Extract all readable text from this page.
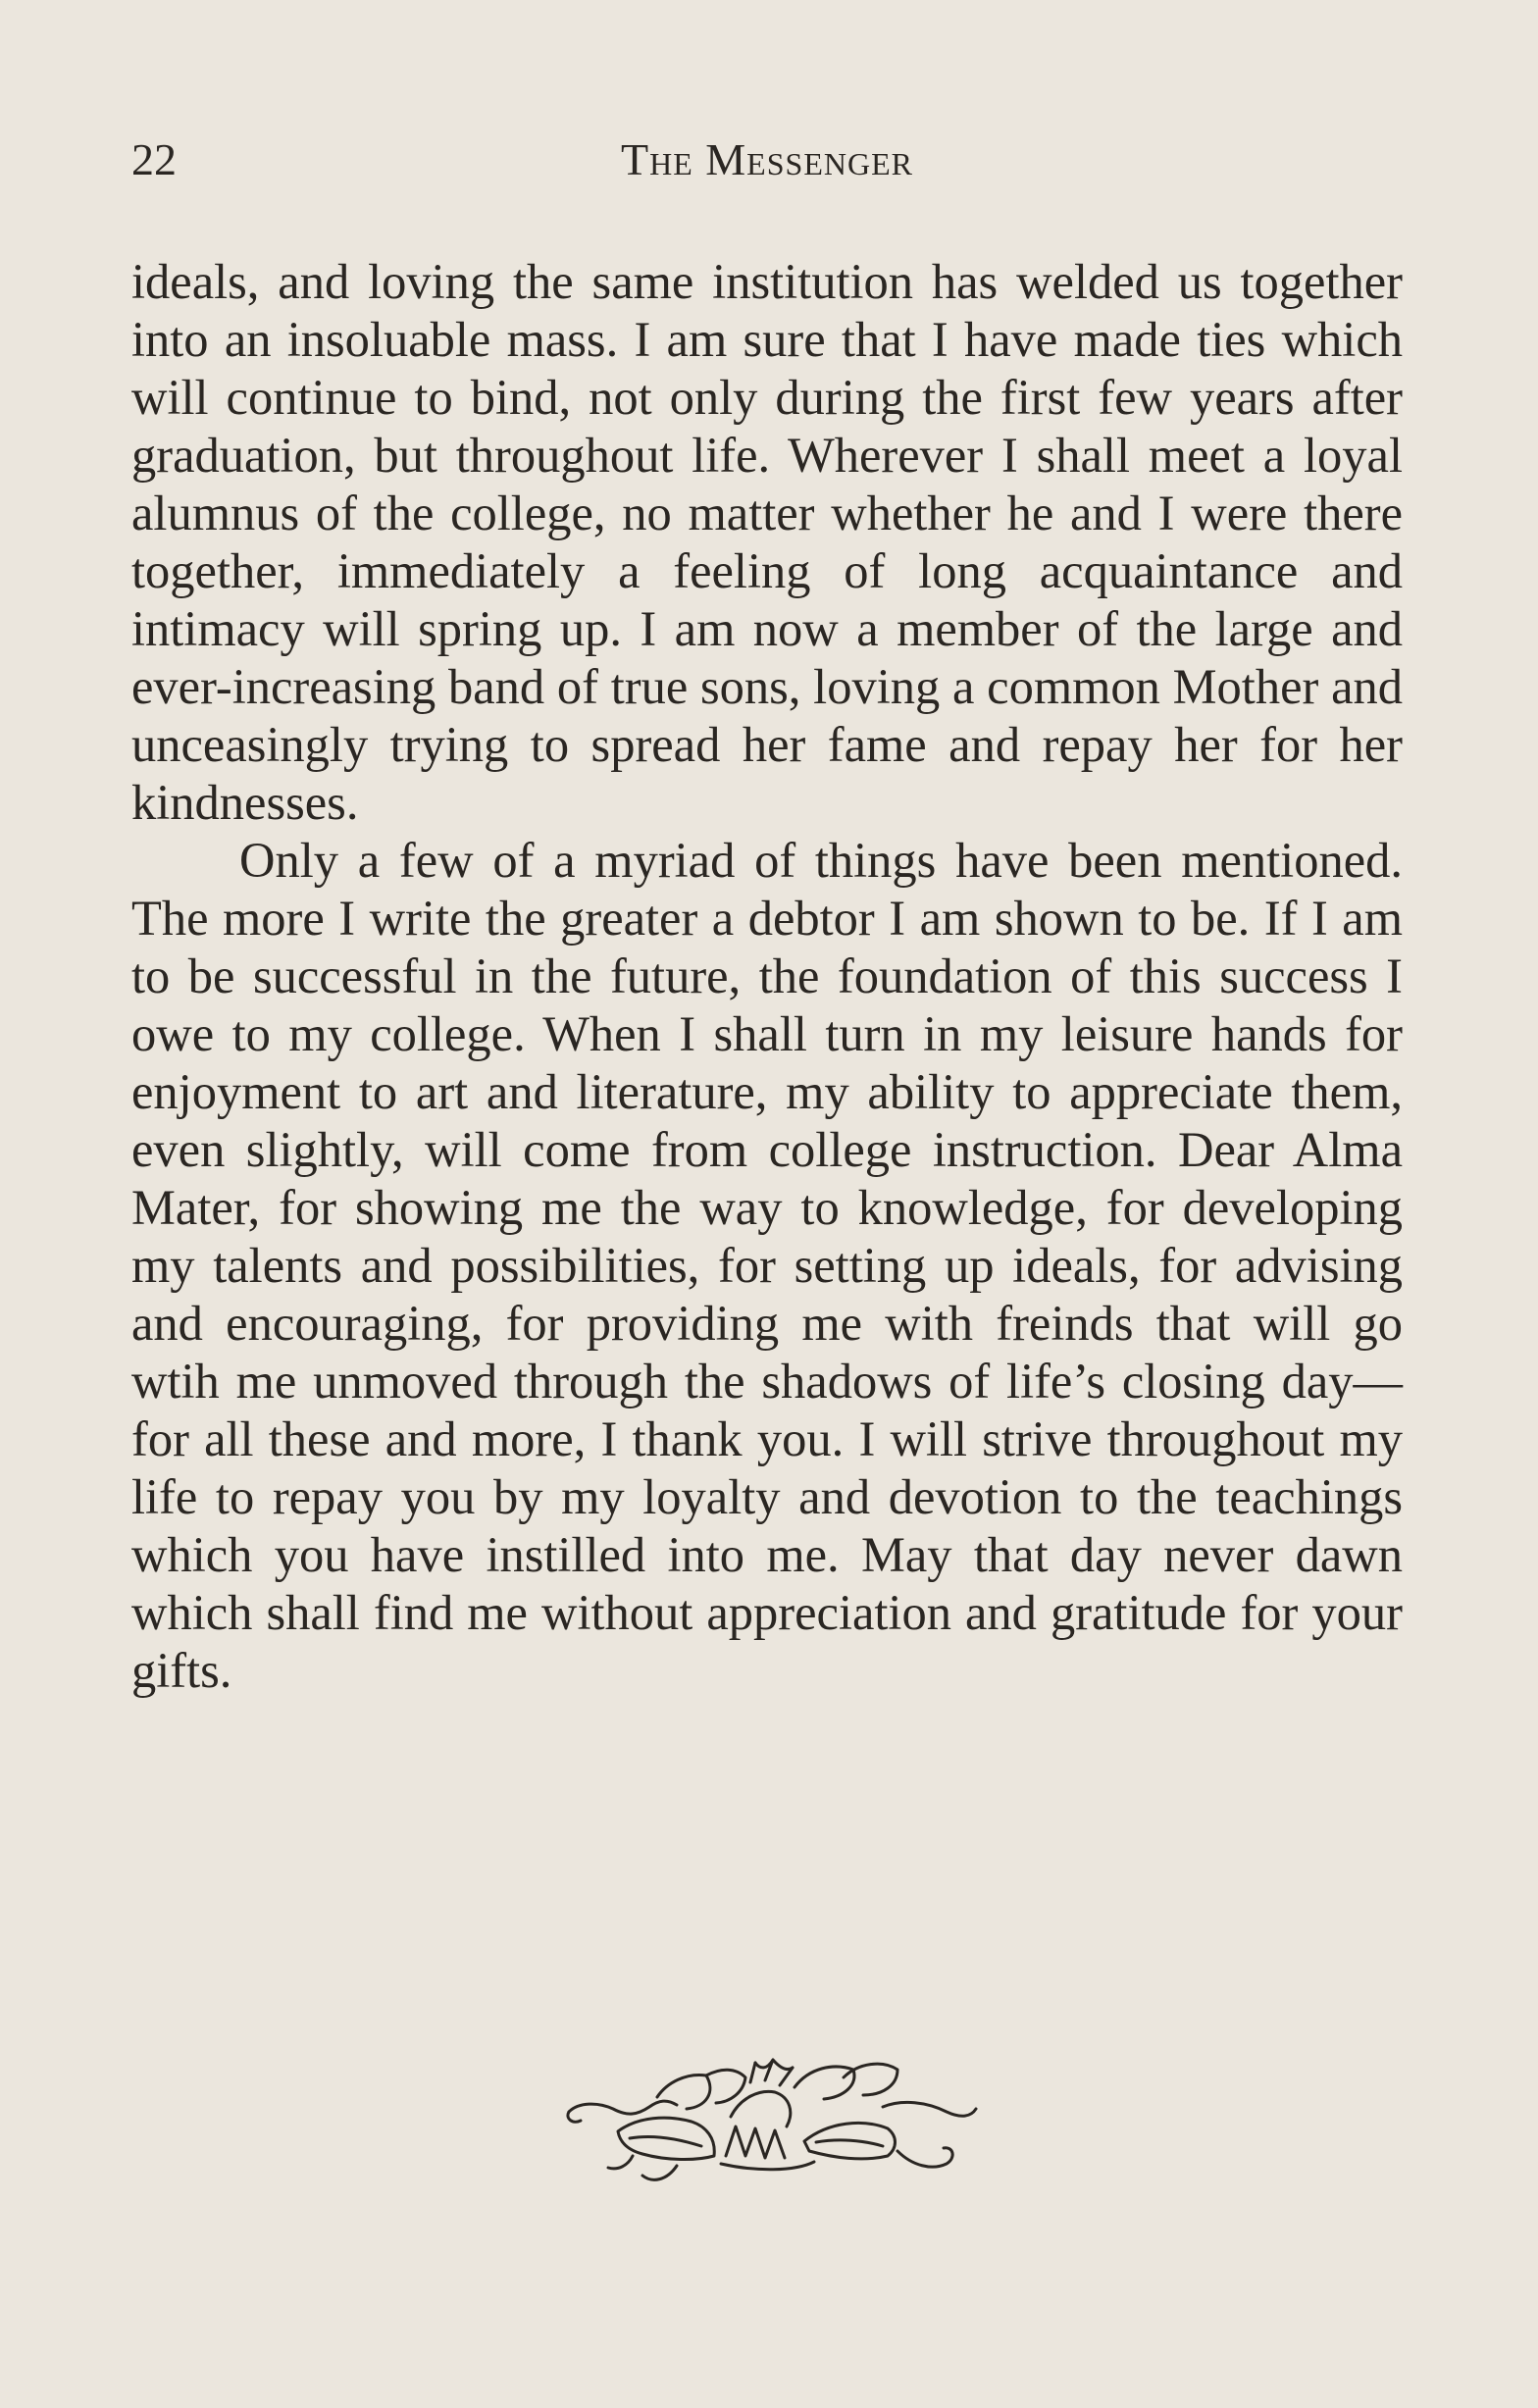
22	The Messenger

ideals, and loving the same institution has welded us together into an insoluable mass. I am sure that I have made ties which will continue to bind, not only during the first few years after graduation, but throughout life. Wherever I shall meet a loyal alumnus of the college, no matter whether he and I were there together, immediately a feeling of long acquaintance and intimacy will spring up. I am now a member of the large and ever-increasing band of true sons, loving a common Mother and unceasingly trying to spread her fame and repay her for her kindnesses.

Only a few of a myriad of things have been mentioned. The more I write the greater a debtor I am shown to be. If I am to be successful in the future, the foundation of this success I owe to my college. When I shall turn in my leisure hands for enjoyment to art and literature, my ability to appreciate them, even slightly, will come from college instruction. Dear Alma Mater, for showing me the way to knowledge, for developing my talents and possibilities, for setting up ideals, for advising and encouraging, for providing me with freinds that will go wtih me unmoved through the shadows of life’s closing day—for all these and more, I thank you. I will strive throughout my life to repay you by my loyalty and devotion to the teachings which you have instilled into me. May that day never dawn which shall find me without appreciation and gratitude for your gifts.
